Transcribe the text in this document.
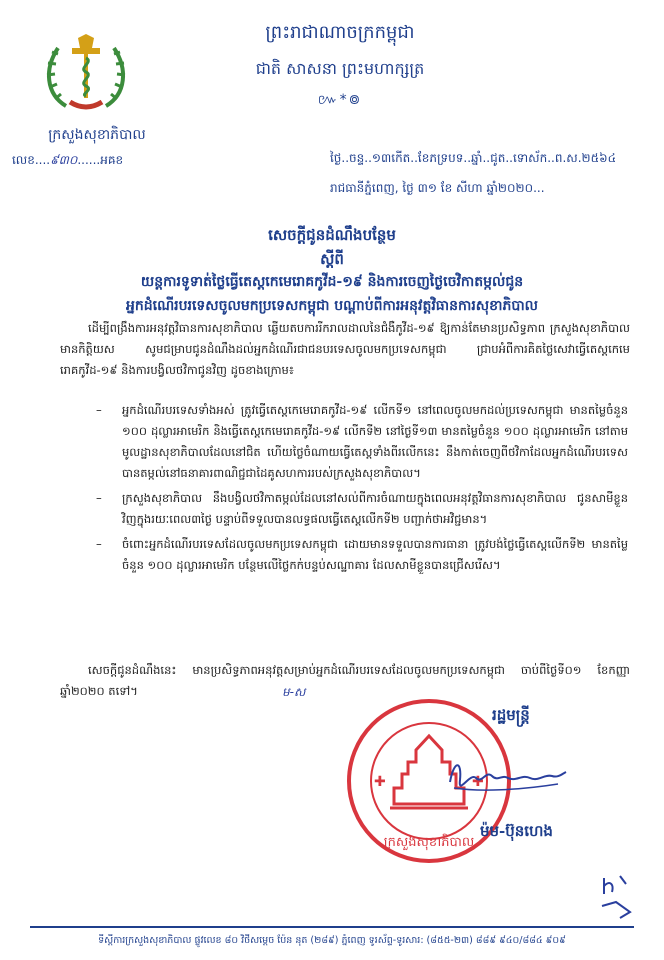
ក្រសួងសុខាភិបាល
លេខ....៩៣០......អឝខ
ព្រះរាជាណាចក្រកម្ពុជា
ជាតិ សាសនា ព្រះមហាក្សត្រ
៚*៙
ថ្ងៃ..ចន្ទ..១៣កើត..ខែភទ្របទ..ឆ្នាំ..ជូត..ទោស័ក..ព.ស.២៥៦៤
រាជធានីភ្នំពេញ, ថ្ងៃ ៣១ ខែ សីហា ឆ្នាំ២០២០...
សេចក្តីជូនដំណឹងបន្ថែម
ស្តីពី
យន្តការទូទាត់ថ្លៃធ្វើតេស្តកេមេរោគកូវីដ-១៩ និងការចេញថ្ងៃចេវិកាតម្កល់ជូន
អ្នកដំណើរបរទេសចូលមកប្រទេសកម្ពុជា បណ្តាប់ពីការអនុវត្តវិធានការសុខាភិបាល
ដើម្បីពង្រឹងការអនុវត្តវិធានការសុខាភិបាល ឆ្លើយតបការរីករាលដាលនៃជំងឺកូវីដ-១៩ ឱ្យកាន់តែមានប្រសិទ្ធភាព ក្រសួងសុខាភិបាល មានកិត្តិយស សូមជម្រាបជូនដំណឹងដល់អ្នកដំណើរជាជនបរទេសចូលមកប្រទេសកម្ពុជា ជ្រាបអំពីការគិតថ្លៃសេវាធ្វើតេស្តកេមេរោគកូវីដ-១៩ និងការបង្វិលថវិកាជូនវិញ ដូចខាងក្រោម៖
– អ្នកដំណើរបរទេសទាំងអស់ ត្រូវធ្វើតេស្តកេមេរោគកូវីដ-១៩ លើកទី១ នៅពេលចូលមកដល់ប្រទេសកម្ពុជា មានតម្លៃចំនួន ១០០ ដុល្លារអាមេរិក និងធ្វើតេស្តកេមេរោគកូវីដ-១៩ លើកទី២ នៅថ្ងៃទី១៣ មានតម្លៃចំនួន ១០០ ដុល្លារអាមេរិក នៅតាមមូលដ្ឋានសុខាភិបាលដែលនៅជិត ហើយថ្លៃចំណាយធ្វើតេស្តទាំងពីរលើកនេះ នឹងកាត់ចេញពីថវិកាដែលអ្នកដំណើរបរទេសបានតម្កល់នៅធនាគារពាណិជ្ជជាដៃគូសហការរបស់ក្រសួងសុខាភិបាល។
– ក្រសួងសុខាភិបាល នឹងបង្វិលថវិកាតម្កល់ដែលនៅសល់ពីការចំណាយក្នុងពេលអនុវត្តវិធានការសុខាភិបាល ជូនសាមីខ្លួនវិញក្នុងរយៈពេល៣ថ្ងៃ បន្ទាប់ពីទទួលបានលទ្ធផលធ្វើតេស្តលើកទី២ បញ្ជាក់ថាអវិជ្ជមាន។
– ចំពោះអ្នកដំណើរបរទេសដែលចូលមកប្រទេសកម្ពុជា ដោយមានទទួលបានការធានា ត្រូវបង់ថ្លៃធ្វើតេស្តលើកទី២ មានតម្លៃចំនួន ១០០ ដុល្លារអាមេរិក បន្ថែមលើថ្លៃកក់បន្ទប់សណ្ឋាគារ ដែលសាមីខ្លួនបានជ្រើសរើស។
សេចក្តីជូនដំណឹងនេះ មានប្រសិទ្ធភាពអនុវត្តសម្រាប់អ្នកដំណើរបរទេសដែលចូលមកប្រទេសកម្ពុជា ចាប់ពីថ្ងៃទី០១ ខែកញ្ញា ឆ្នាំ២០២០ តទៅ។	ម-ស
✚	✚
ក្រសួងសុខាភិបាល
រដ្ឋមន្ត្រី
ម៉ម-ប៊ុនហេង
ទីស្តីការក្រសួងសុខាភិបាល ផ្លូវលេខ ៨០ វិថីសម្តេច ប៉ែន នុត (២៨៩) ភ្នំពេញ ទូរស័ព្ទ-ទូរសារ: (៨៥៥-២៣) ៨៨៩ ៩៤០/៨៨៤ ៩០៩
